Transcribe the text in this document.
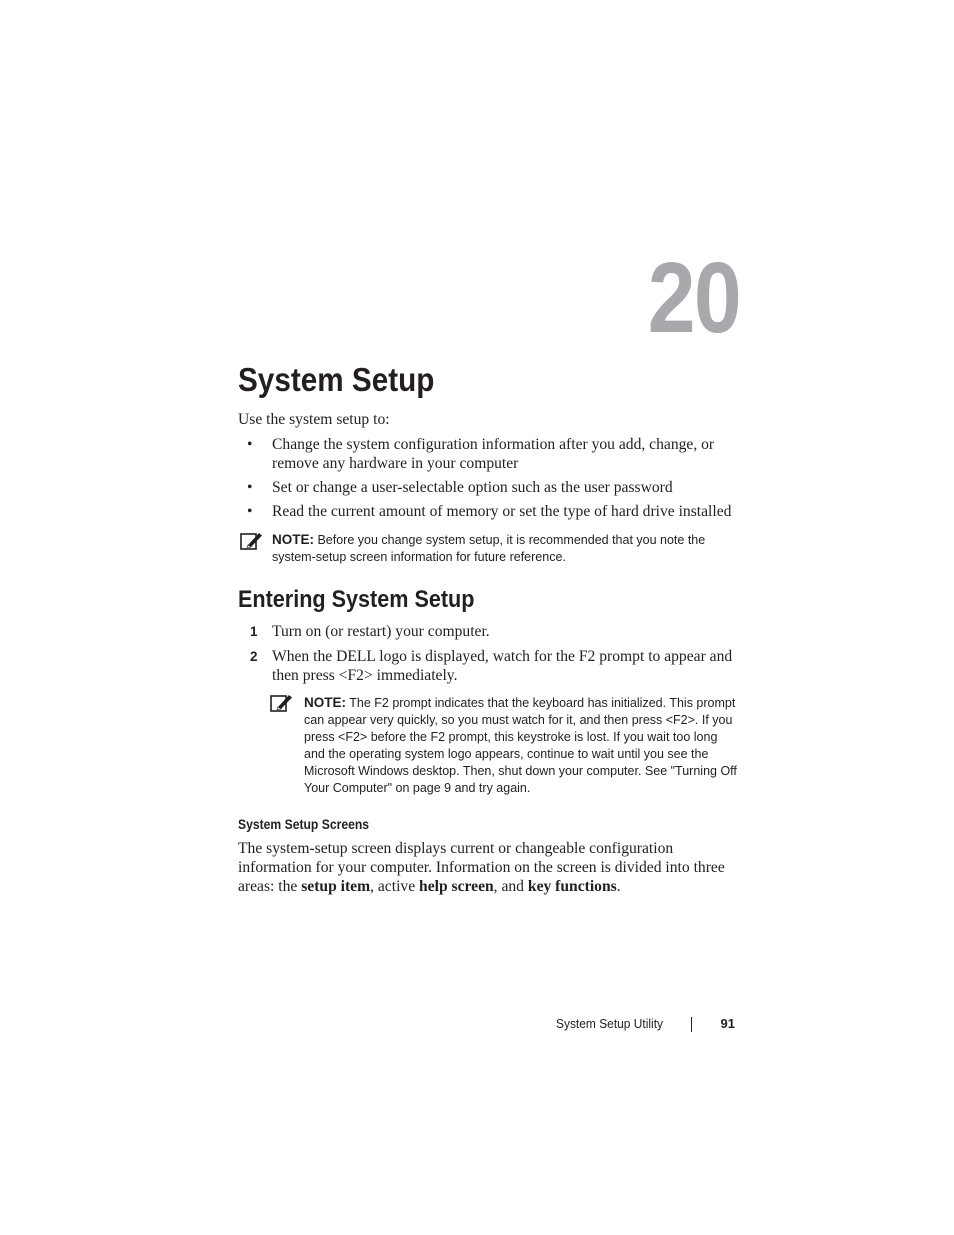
20
System Setup
Use the system setup to:
• Change the system configuration information after you add, change, or remove any hardware in your computer
• Set or change a user-selectable option such as the user password
• Read the current amount of memory or set the type of hard drive installed
NOTE: Before you change system setup, it is recommended that you note the system-setup screen information for future reference.
Entering System Setup
1 Turn on (or restart) your computer.
2 When the DELL logo is displayed, watch for the F2 prompt to appear and then press <F2> immediately.
NOTE: The F2 prompt indicates that the keyboard has initialized. This prompt can appear very quickly, so you must watch for it, and then press <F2>. If you press <F2> before the F2 prompt, this keystroke is lost. If you wait too long and the operating system logo appears, continue to wait until you see the Microsoft Windows desktop. Then, shut down your computer. See "Turning Off Your Computer" on page 9 and try again.
System Setup Screens
The system-setup screen displays current or changeable configuration information for your computer. Information on the screen is divided into three areas: the setup item, active help screen, and key functions.
System Setup Utility	91
